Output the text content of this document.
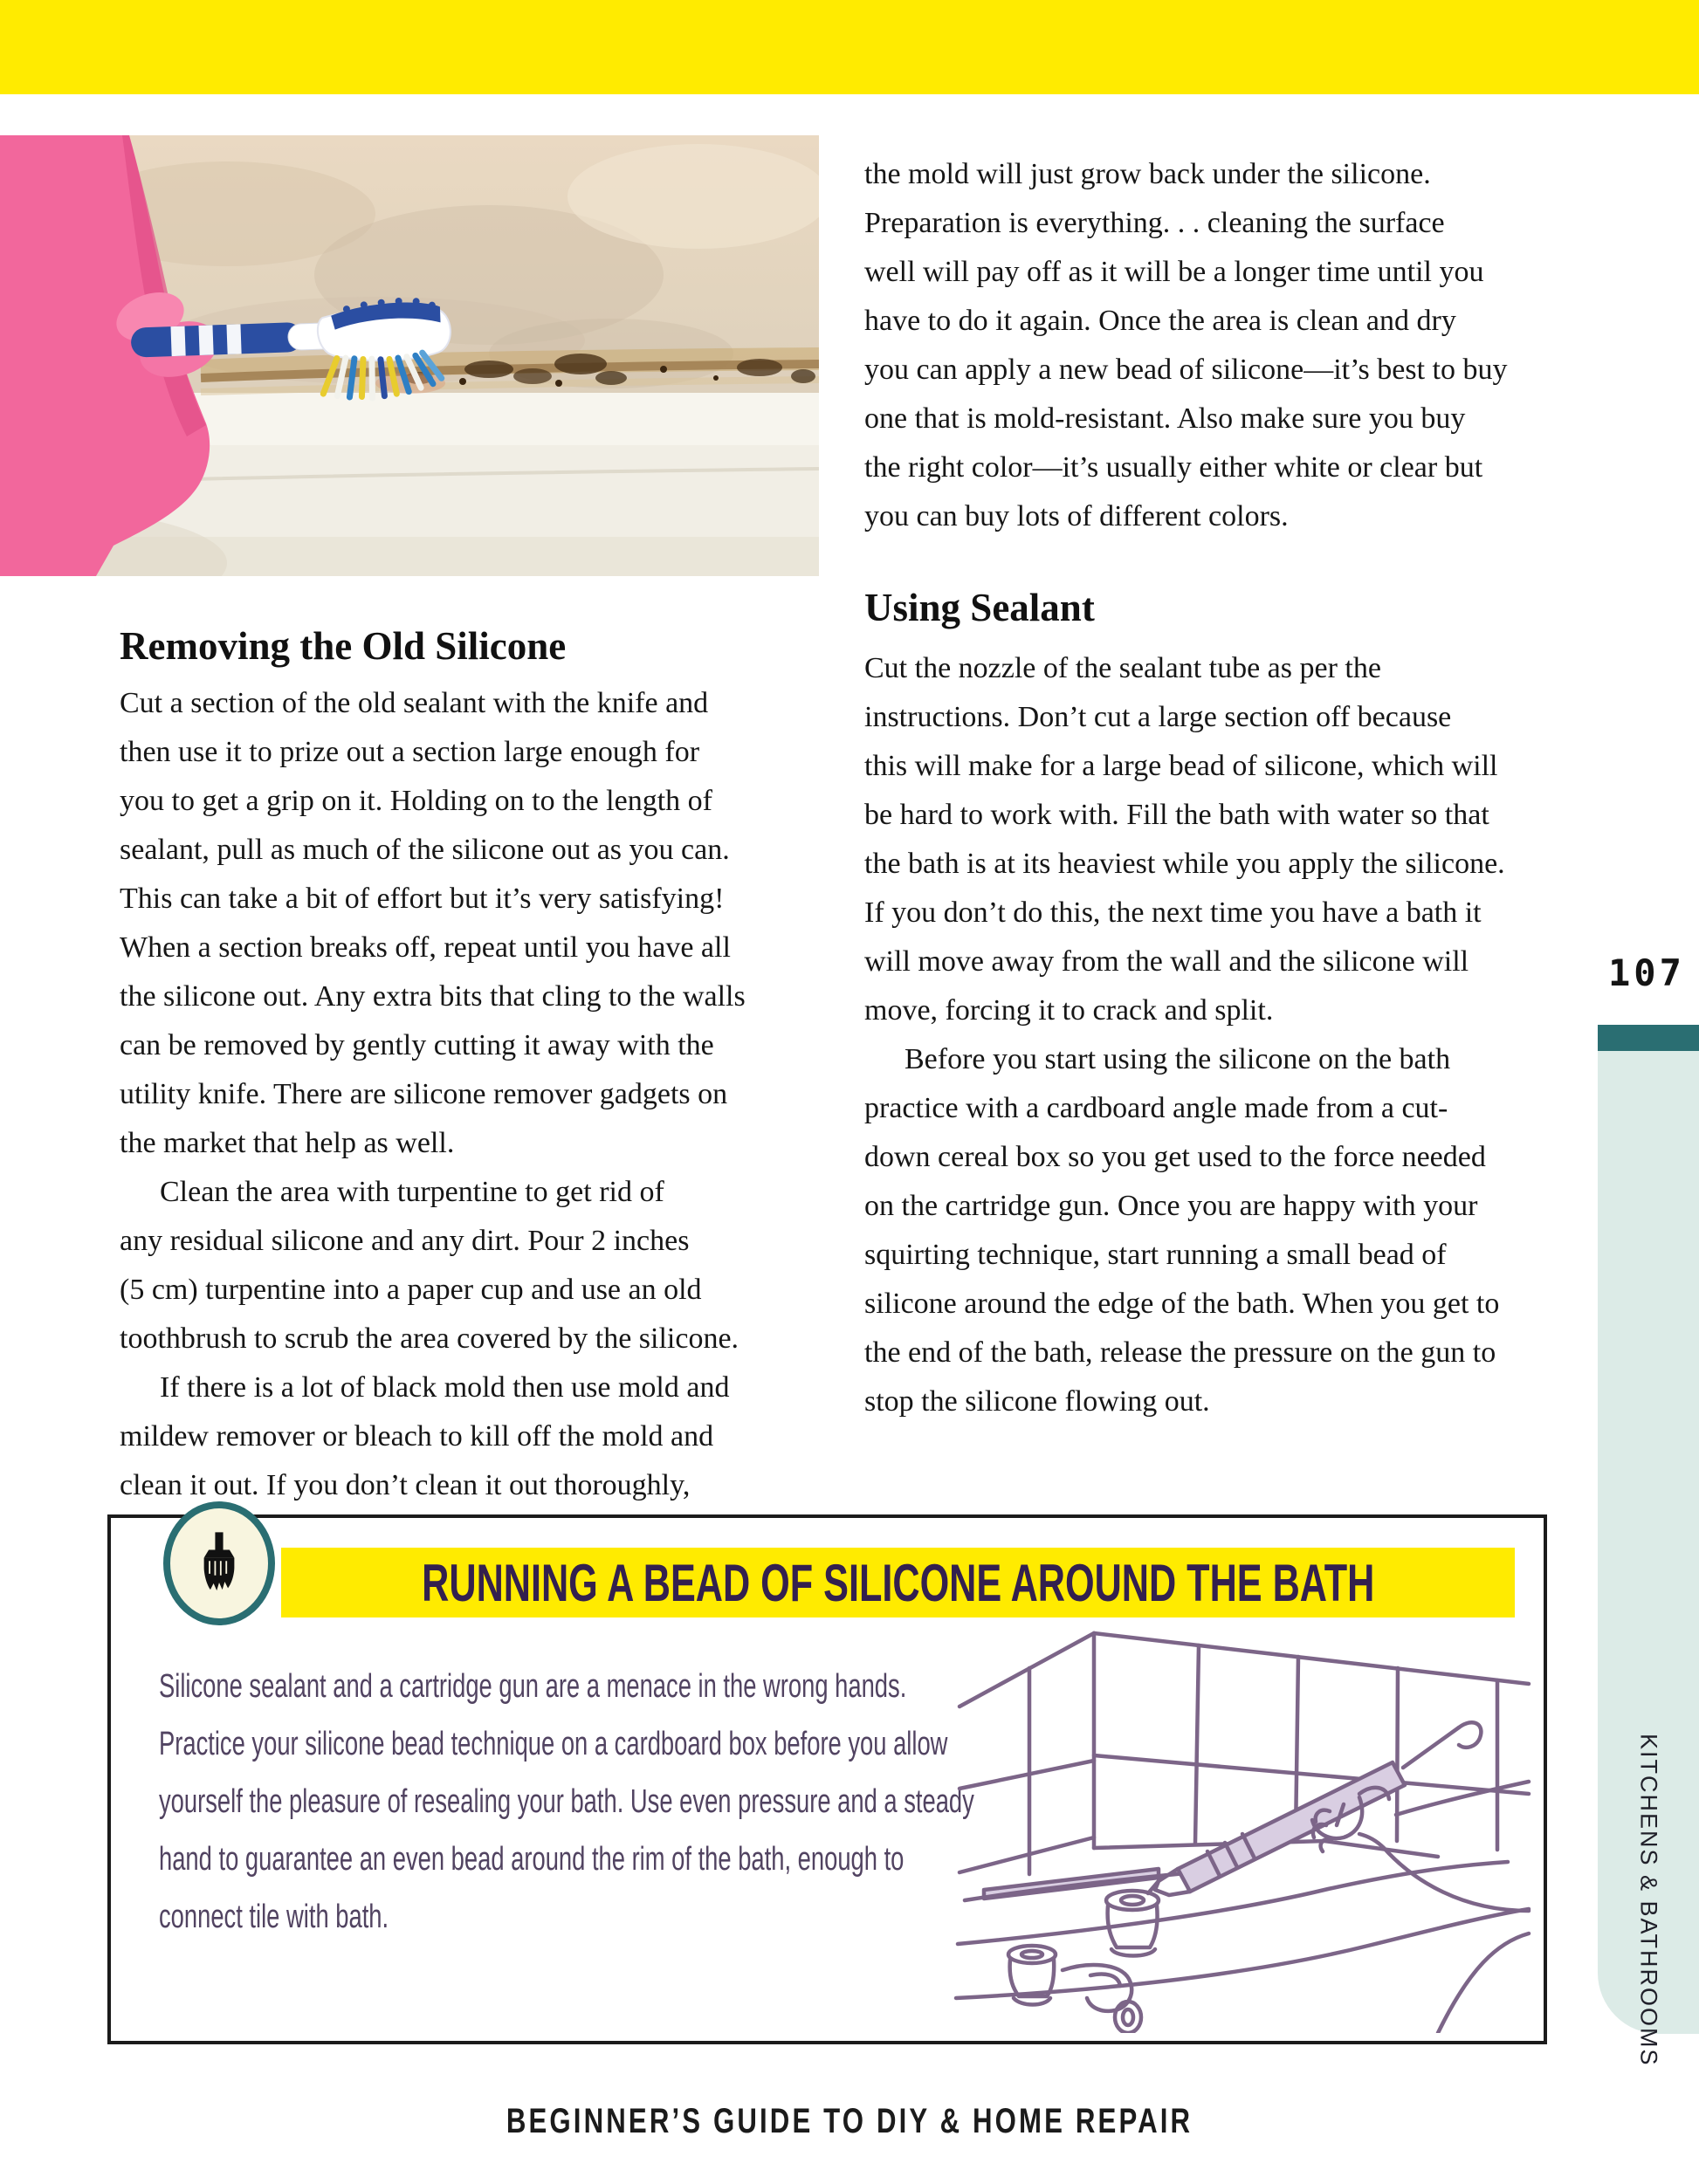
Removing the Old Silicone
Cut a section of the old sealant with the knife and
then use it to prize out a section large enough for
you to get a grip on it. Holding on to the length of
sealant, pull as much of the silicone out as you can.
This can take a bit of effort but it’s very satisfying!
When a section breaks off, repeat until you have all
the silicone out. Any extra bits that cling to the walls
can be removed by gently cutting it away with the
utility knife. There are silicone remover gadgets on
the market that help as well.
Clean the area with turpentine to get rid of
any residual silicone and any dirt. Pour 2 inches
(5 cm) turpentine into a paper cup and use an old
toothbrush to scrub the area covered by the silicone.
If there is a lot of black mold then use mold and
mildew remover or bleach to kill off the mold and
clean it out. If you don’t clean it out thoroughly,
the mold will just grow back under the silicone.
Preparation is everything. . . cleaning the surface
well will pay off as it will be a longer time until you
have to do it again. Once the area is clean and dry
you can apply a new bead of silicone—it’s best to buy
one that is mold-resistant. Also make sure you buy
the right color—it’s usually either white or clear but
you can buy lots of different colors.
Using Sealant
Cut the nozzle of the sealant tube as per the
instructions. Don’t cut a large section off because
this will make for a large bead of silicone, which will
be hard to work with. Fill the bath with water so that
the bath is at its heaviest while you apply the silicone.
If you don’t do this, the next time you have a bath it
will move away from the wall and the silicone will
move, forcing it to crack and split.
Before you start using the silicone on the bath
practice with a cardboard angle made from a cut-
down cereal box so you get used to the force needed
on the cartridge gun. Once you are happy with your
squirting technique, start running a small bead of
silicone around the edge of the bath. When you get to
the end of the bath, release the pressure on the gun to
stop the silicone flowing out.
107
KITCHENS & BATHROOMS
RUNNING A BEAD OF SILICONE AROUND THE BATH
Silicone sealant and a cartridge gun are a menace in the wrong hands.
Practice your silicone bead technique on a cardboard box before you allow
yourself the pleasure of resealing your bath. Use even pressure and a steady
hand to guarantee an even bead around the rim of the bath, enough to
connect tile with bath.
BEGINNER’S GUIDE TO DIY & HOME REPAIR
